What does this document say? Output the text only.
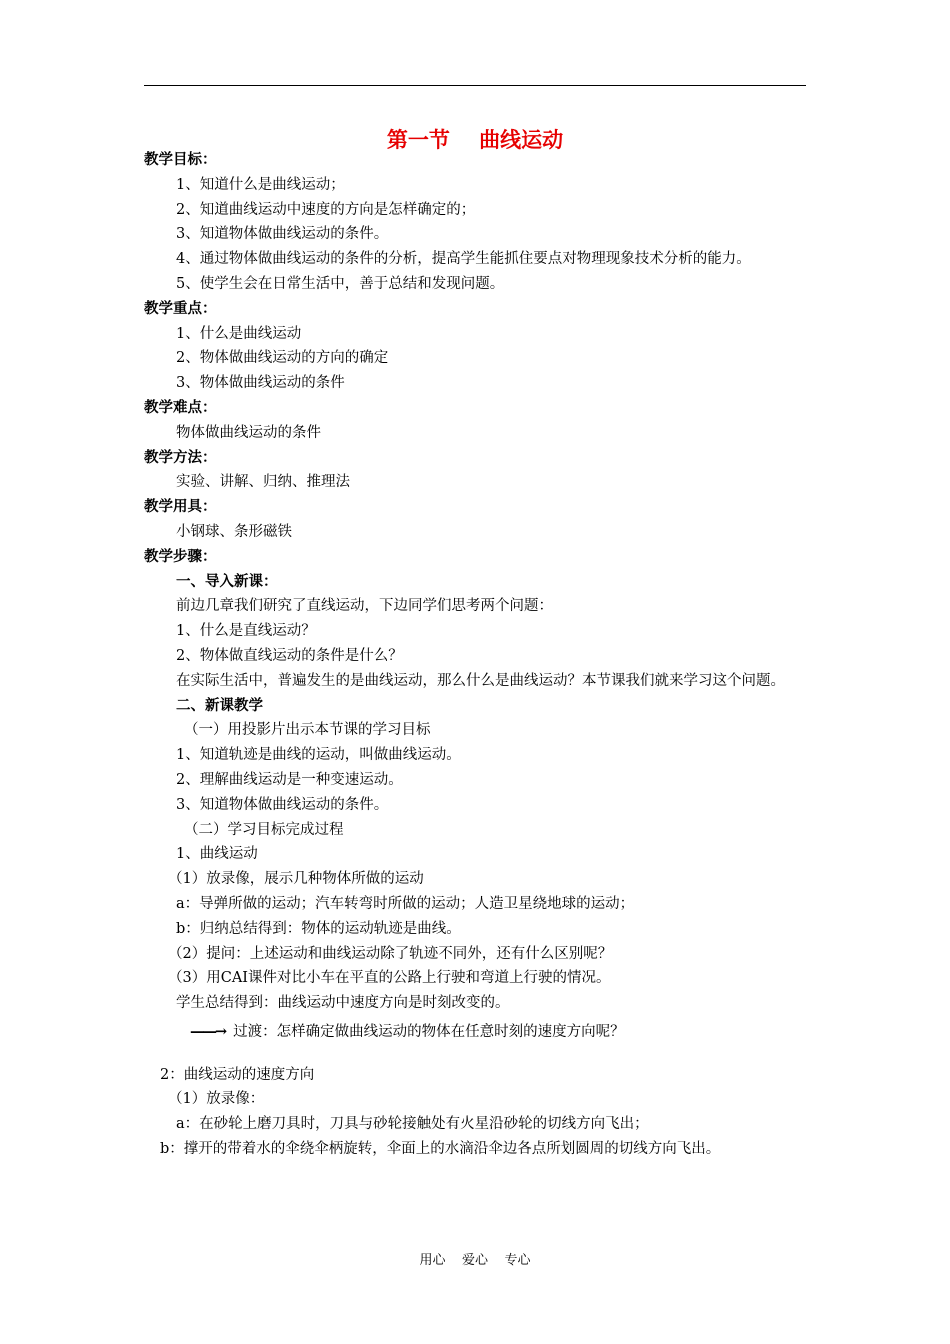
第一节    曲线运动
教学目标：
1、知道什么是曲线运动；
2、知道曲线运动中速度的方向是怎样确定的；
3、知道物体做曲线运动的条件。
4、通过物体做曲线运动的条件的分析，提高学生能抓住要点对物理现象技术分析的能力。
5、使学生会在日常生活中，善于总结和发现问题。
教学重点：
1、什么是曲线运动
2、物体做曲线运动的方向的确定
3、物体做曲线运动的条件
教学难点：
物体做曲线运动的条件
教学方法：
实验、讲解、归纳、推理法
教学用具：
小钢球、条形磁铁
教学步骤：
一、导入新课：
前边几章我们研究了直线运动，下边同学们思考两个问题：
1、什么是直线运动？
2、物体做直线运动的条件是什么？
在实际生活中，普遍发生的是曲线运动，那么什么是曲线运动？本节课我们就来学习这个问题。
二、新课教学
（一）用投影片出示本节课的学习目标
1、知道轨迹是曲线的运动，叫做曲线运动。
2、理解曲线运动是一种变速运动。
3、知道物体做曲线运动的条件。
（二）学习目标完成过程
1、曲线运动
（1）放录像，展示几种物体所做的运动
a：导弹所做的运动；汽车转弯时所做的运动；人造卫星绕地球的运动；
b：归纳总结得到：物体的运动轨迹是曲线。
（2）提问：上述运动和曲线运动除了轨迹不同外，还有什么区别呢？
（3）用CAI课件对比小车在平直的公路上行驶和弯道上行驶的情况。
学生总结得到：曲线运动中速度方向是时刻改变的。
——→ 过渡：怎样确定做曲线运动的物体在任意时刻的速度方向呢？
2：曲线运动的速度方向
（1）放录像：
a：在砂轮上磨刀具时，刀具与砂轮接触处有火星沿砂轮的切线方向飞出；
b：撑开的带着水的伞绕伞柄旋转，伞面上的水滴沿伞边各点所划圆周的切线方向飞出。
用心    爱心    专心
